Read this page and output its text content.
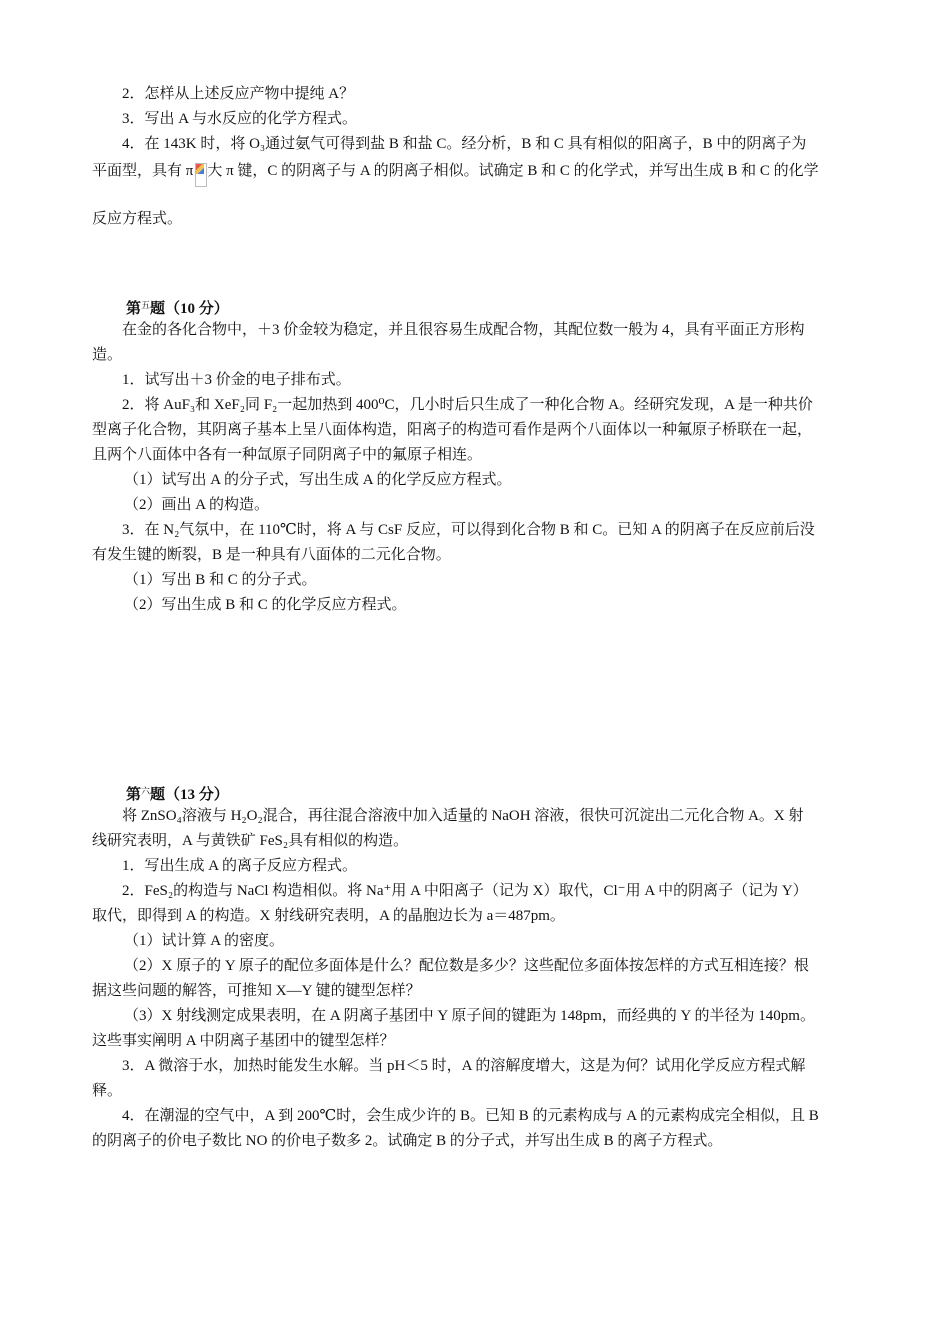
2．怎样从上述反应产物中提纯 A？
3．写出 A 与水反应的化学方程式。
4．在 143K 时，将 O₃通过氨气可得到盐 B 和盐 C。经分析，B 和 C 具有相似的阳离子，B 中的阴离子为
平面型，具有 π 大 π 键，C 的阴离子与 A 的阴离子相似。试确定 B 和 C 的化学式，并写出生成 B 和 C 的化学
反应方程式。
第$^五$题（10 分）
在金的各化合物中，＋3 价金较为稳定，并且很容易生成配合物，其配位数一般为 4，具有平面正方形构
造。
1．试写出＋3 价金的电子排布式。
2．将 AuF₃和 XeF₂同 F₂一起加热到 400⁰C，几小时后只生成了一种化合物 A。经研究发现，A 是一种共价
型离子化合物，其阴离子基本上呈八面体构造，阳离子的构造可看作是两个八面体以一种氟原子桥联在一起，
且两个八面体中各有一种氙原子同阴离子中的氟原子相连。
（1）试写出 A 的分子式，写出生成 A 的化学反应方程式。
（2）画出 A 的构造。
3．在 N₂气氛中，在 110℃时，将 A 与 CsF 反应，可以得到化合物 B 和 C。已知 A 的阴离子在反应前后没
有发生键的断裂，B 是一种具有八面体的二元化合物。
（1）写出 B 和 C 的分子式。
（2）写出生成 B 和 C 的化学反应方程式。
第$^六$题（13 分）
将 ZnSO₄溶液与 H₂O₂混合，再往混合溶液中加入适量的 NaOH 溶液，很快可沉淀出二元化合物 A。X 射
线研究表明，A 与黄铁矿 FeS₂具有相似的构造。
1．写出生成 A 的离子反应方程式。
2．FeS₂的构造与 NaCl 构造相似。将 Na⁺用 A 中阳离子（记为 X）取代，Cl⁻用 A 中的阴离子（记为 Y）
取代，即得到 A 的构造。X 射线研究表明，A 的晶胞边长为 a＝487pm。
（1）试计算 A 的密度。
（2）X 原子的 Y 原子的配位多面体是什么？配位数是多少？这些配位多面体按怎样的方式互相连接？根
据这些问题的解答，可推知 X—Y 键的键型怎样？
（3）X 射线测定成果表明，在 A 阴离子基团中 Y 原子间的键距为 148pm，而经典的 Y 的半径为 140pm。
这些事实阐明 A 中阴离子基团中的键型怎样？
3．A 微溶于水，加热时能发生水解。当 pH＜5 时，A 的溶解度增大，这是为何？试用化学反应方程式解
释。
4．在潮湿的空气中，A 到 200℃时，会生成少许的 B。已知 B 的元素构成与 A 的元素构成完全相似，且 B
的阴离子的价电子数比 NO 的价电子数多 2。试确定 B 的分子式，并写出生成 B 的离子方程式。
